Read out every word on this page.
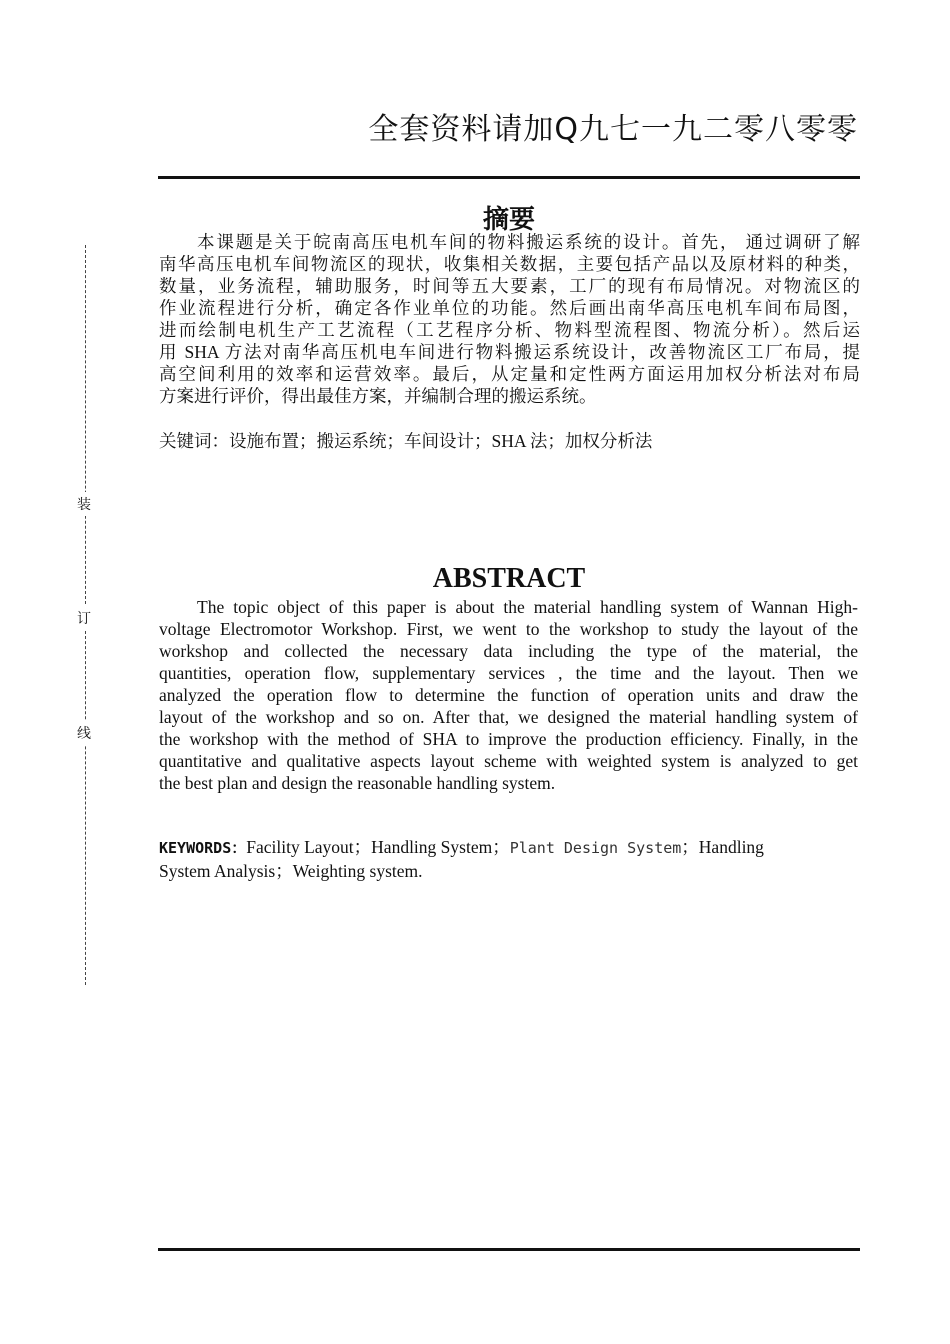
全套资料请加Q九七一九二零八零零
装
订
线
摘要
本课题是关于皖南高压电机车间的物料搬运系统的设计。首先， 通过调研了解
南华高压电机车间物流区的现状，收集相关数据，主要包括产品以及原材料的种类，
数量，业务流程，辅助服务，时间等五大要素，工厂的现有布局情况。对物流区的
作业流程进行分析，确定各作业单位的功能。然后画出南华高压电机车间布局图，
进而绘制电机生产工艺流程（工艺程序分析、物料型流程图、物流分析）。然后运
用 SHA 方法对南华高压机电车间进行物料搬运系统设计，改善物流区工厂布局，提
高空间利用的效率和运营效率。最后，从定量和定性两方面运用加权分析法对布局
方案进行评价，得出最佳方案，并编制合理的搬运系统。
关键词：设施布置；搬运系统；车间设计；SHA 法；加权分析法
ABSTRACT
The topic object of this paper is about the material handling system of Wannan High-
voltage Electromotor Workshop. First, we went to the workshop to study the layout of the
workshop and collected the necessary data including the type of the material, the
quantities, operation flow, supplementary services , the time and the layout. Then we
analyzed the operation flow to determine the function of operation units and draw the
layout of the workshop and so on. After that, we designed the material handling system of
the workshop with the method of SHA to improve the production efficiency. Finally, in the
quantitative and qualitative aspects layout scheme with weighted system is analyzed to get
the best plan and design the reasonable handling system.
KEYWORDS：Facility Layout；Handling System；Plant Design System；Handling
System Analysis；Weighting system.
